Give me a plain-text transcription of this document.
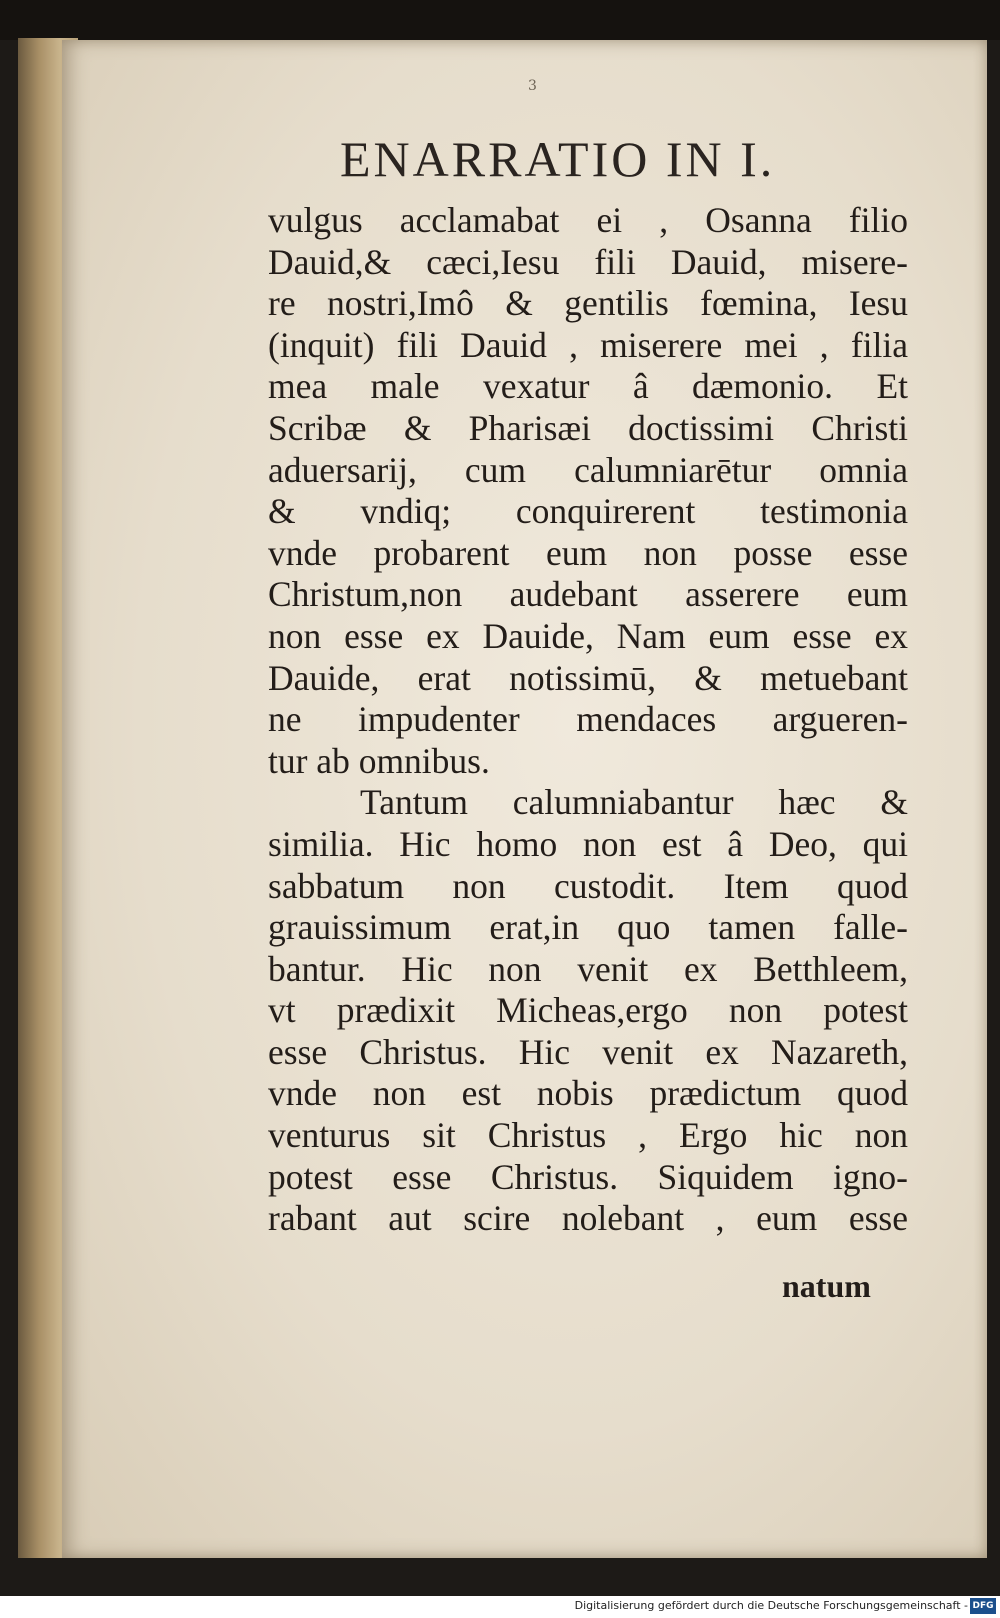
3
ENARRATIO IN I.
vulgus acclamabat ei , Osanna filio
Dauid,& cæci,Iesu fili Dauid, misere-
re nostri,Imô & gentilis fœmina, Iesu
(inquit) fili Dauid , miserere mei , filia
mea male vexatur â dæmonio. Et
Scribæ & Pharisæi doctissimi Christi
aduersarij, cum calumniarētur omnia
& vndiq; conquirerent testimonia
vnde probarent eum non posse esse
Christum,non audebant asserere eum
non esse ex Dauide, Nam eum esse ex
Dauide, erat notissimū, & metuebant
ne impudenter mendaces argueren-
tur ab omnibus.
Tantum calumniabantur hæc &
similia. Hic homo non est â Deo, qui
sabbatum non custodit. Item quod
grauissimum erat,in quo tamen falle-
bantur. Hic non venit ex Betthleem,
vt prædixit Micheas,ergo non potest
esse Christus. Hic venit ex Nazareth,
vnde non est nobis prædictum quod
venturus sit Christus , Ergo hic non
potest esse Christus. Siquidem igno-
rabant aut scire nolebant , eum esse
natum
Digitalisierung gefördert durch die Deutsche Forschungsgemeinschaft - DFG
